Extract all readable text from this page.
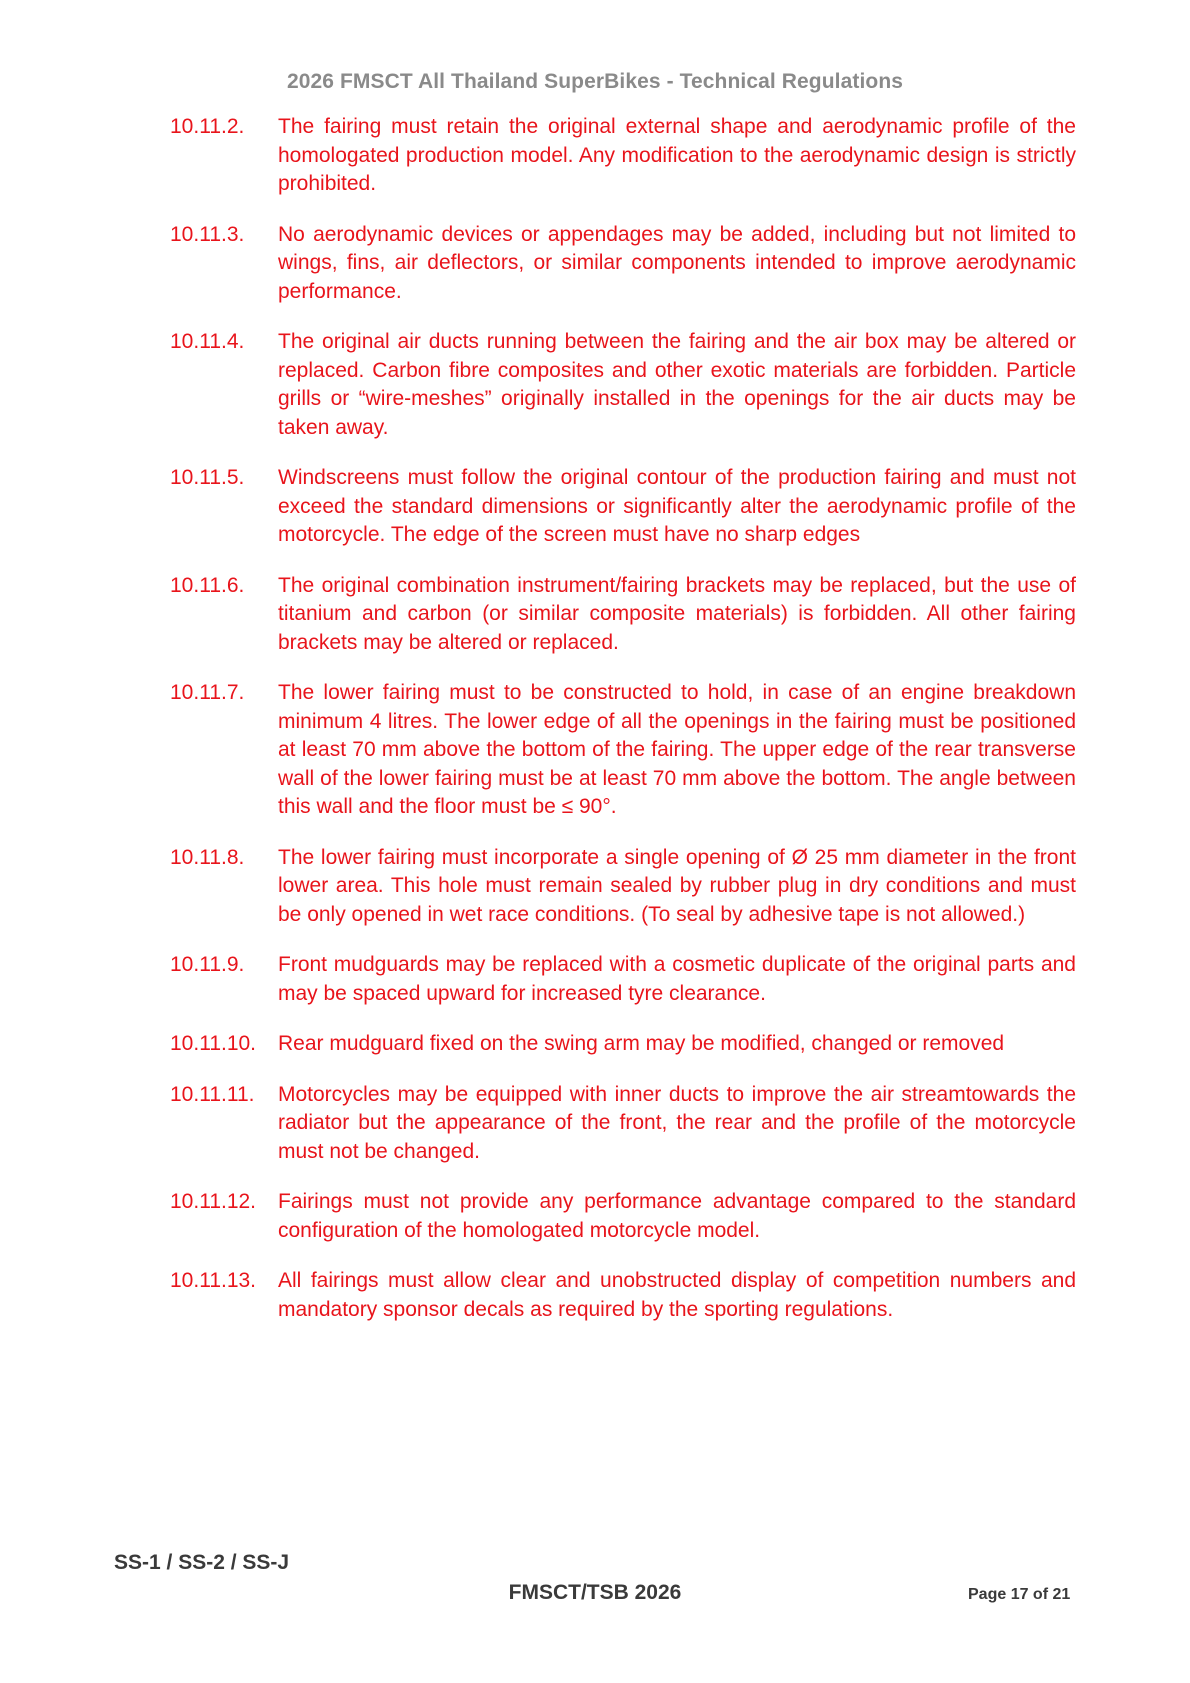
2026 FMSCT All Thailand SuperBikes - Technical Regulations
10.11.2. The fairing must retain the original external shape and aerodynamic profile of the homologated production model. Any modification to the aerodynamic design is strictly prohibited.
10.11.3. No aerodynamic devices or appendages may be added, including but not limited to wings, fins, air deflectors, or similar components intended to improve aerodynamic performance.
10.11.4. The original air ducts running between the fairing and the air box may be altered or replaced. Carbon fibre composites and other exotic materials are forbidden. Particle grills or “wire-meshes” originally installed in the openings for the air ducts may be taken away.
10.11.5. Windscreens must follow the original contour of the production fairing and must not exceed the standard dimensions or significantly alter the aerodynamic profile of the motorcycle. The edge of the screen must have no sharp edges
10.11.6. The original combination instrument/fairing brackets may be replaced, but the use of titanium and carbon (or similar composite materials) is forbidden. All other fairing brackets may be altered or replaced.
10.11.7. The lower fairing must to be constructed to hold, in case of an engine breakdown minimum 4 litres. The lower edge of all the openings in the fairing must be positioned at least 70 mm above the bottom of the fairing. The upper edge of the rear transverse wall of the lower fairing must be at least 70 mm above the bottom. The angle between this wall and the floor must be ≤ 90°.
10.11.8. The lower fairing must incorporate a single opening of Ø 25 mm diameter in the front lower area. This hole must remain sealed by rubber plug in dry conditions and must be only opened in wet race conditions. (To seal by adhesive tape is not allowed.)
10.11.9. Front mudguards may be replaced with a cosmetic duplicate of the original parts and may be spaced upward for increased tyre clearance.
10.11.10. Rear mudguard fixed on the swing arm may be modified, changed or removed
10.11.11. Motorcycles may be equipped with inner ducts to improve the air streamtowards the radiator but the appearance of the front, the rear and the profile of the motorcycle must not be changed.
10.11.12. Fairings must not provide any performance advantage compared to the standard configuration of the homologated motorcycle model.
10.11.13. All fairings must allow clear and unobstructed display of competition numbers and mandatory sponsor decals as required by the sporting regulations.
SS-1 / SS-2 / SS-J
FMSCT/TSB 2026	Page 17 of 21
